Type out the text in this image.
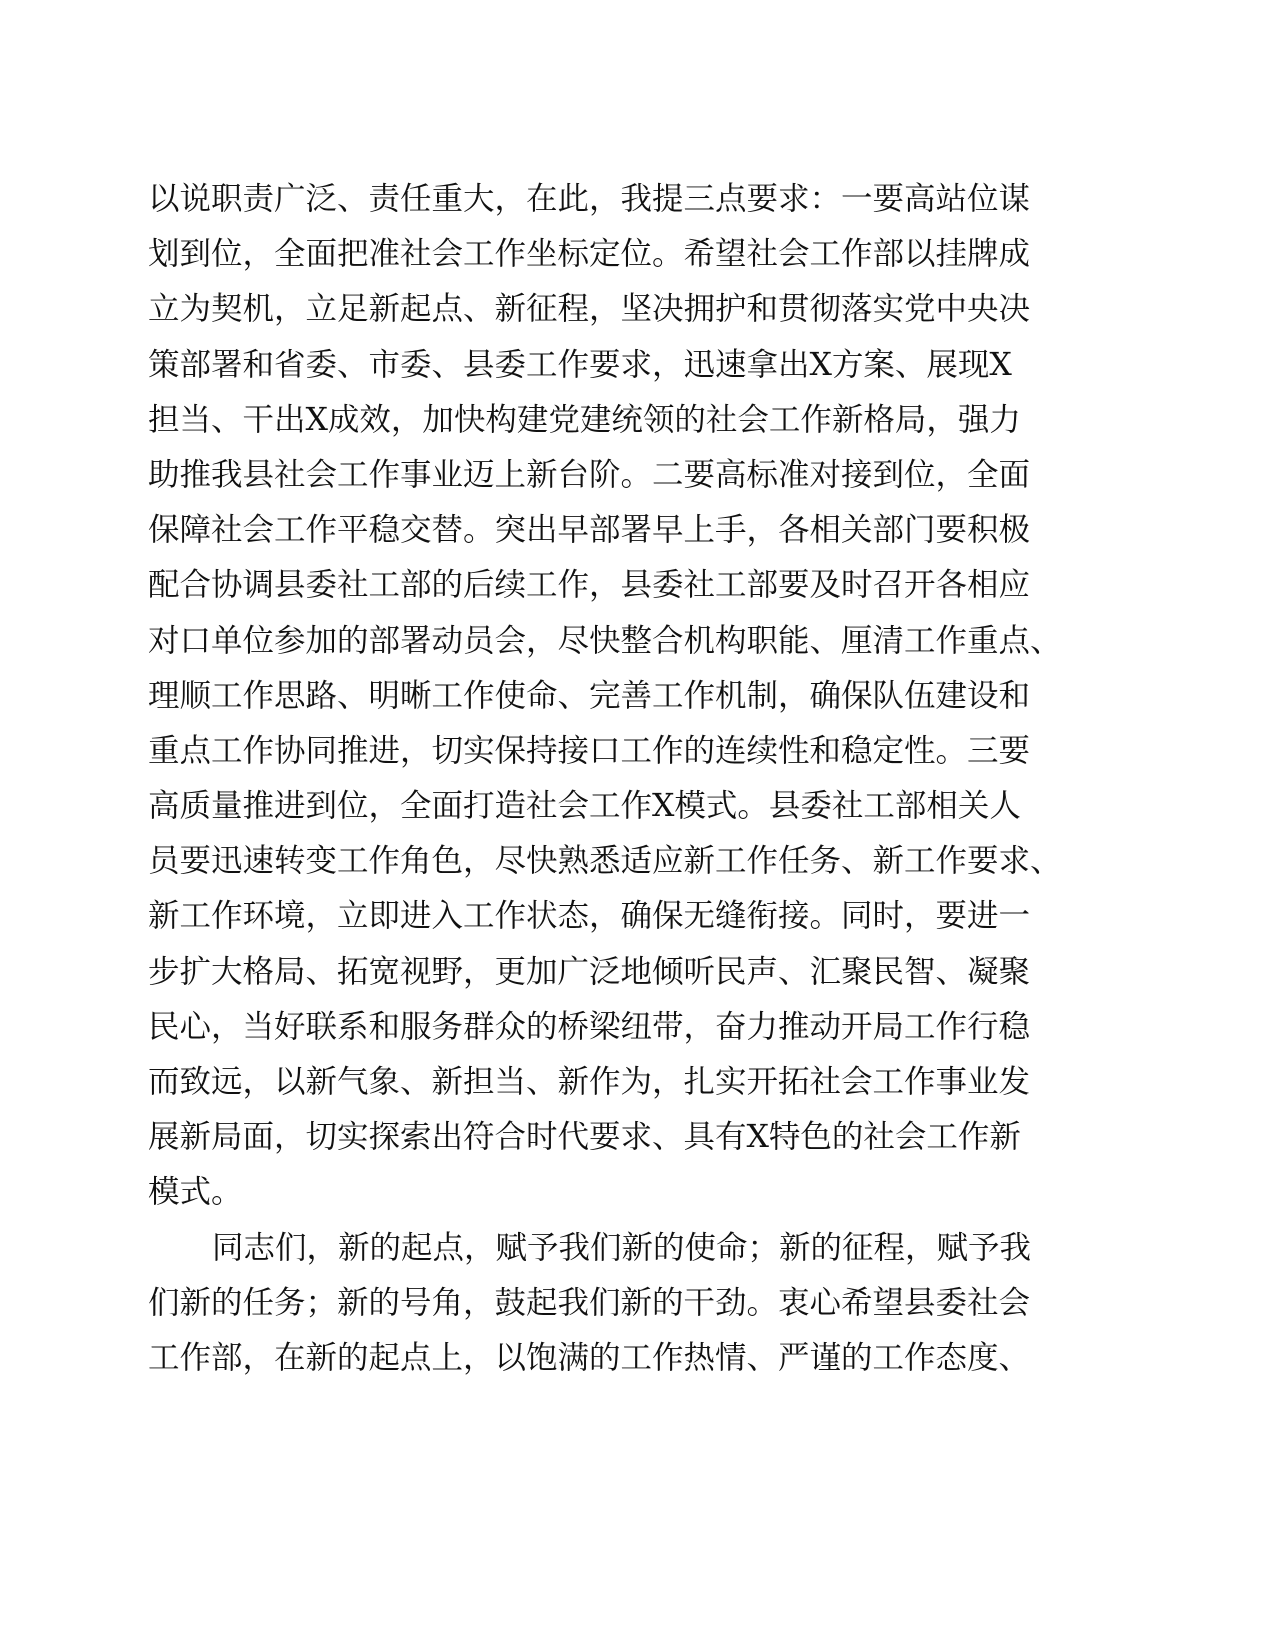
以说职责广泛、责任重大，在此，我提三点要求：一要高站位谋
划到位，全面把准社会工作坐标定位。希望社会工作部以挂牌成
立为契机，立足新起点、新征程，坚决拥护和贯彻落实党中央决
策部署和省委、市委、县委工作要求，迅速拿出X方案、展现X
担当、干出X成效，加快构建党建统领的社会工作新格局，强力
助推我县社会工作事业迈上新台阶。二要高标准对接到位，全面
保障社会工作平稳交替。突出早部署早上手，各相关部门要积极
配合协调县委社工部的后续工作，县委社工部要及时召开各相应
对口单位参加的部署动员会，尽快整合机构职能、厘清工作重点、
理顺工作思路、明晰工作使命、完善工作机制，确保队伍建设和
重点工作协同推进，切实保持接口工作的连续性和稳定性。三要
高质量推进到位，全面打造社会工作X模式。县委社工部相关人
员要迅速转变工作角色，尽快熟悉适应新工作任务、新工作要求、
新工作环境，立即进入工作状态，确保无缝衔接。同时，要进一
步扩大格局、拓宽视野，更加广泛地倾听民声、汇聚民智、凝聚
民心，当好联系和服务群众的桥梁纽带，奋力推动开局工作行稳
而致远，以新气象、新担当、新作为，扎实开拓社会工作事业发
展新局面，切实探索出符合时代要求、具有X特色的社会工作新
模式。
同志们，新的起点，赋予我们新的使命；新的征程，赋予我
们新的任务；新的号角，鼓起我们新的干劲。衷心希望县委社会
工作部，在新的起点上，以饱满的工作热情、严谨的工作态度、
